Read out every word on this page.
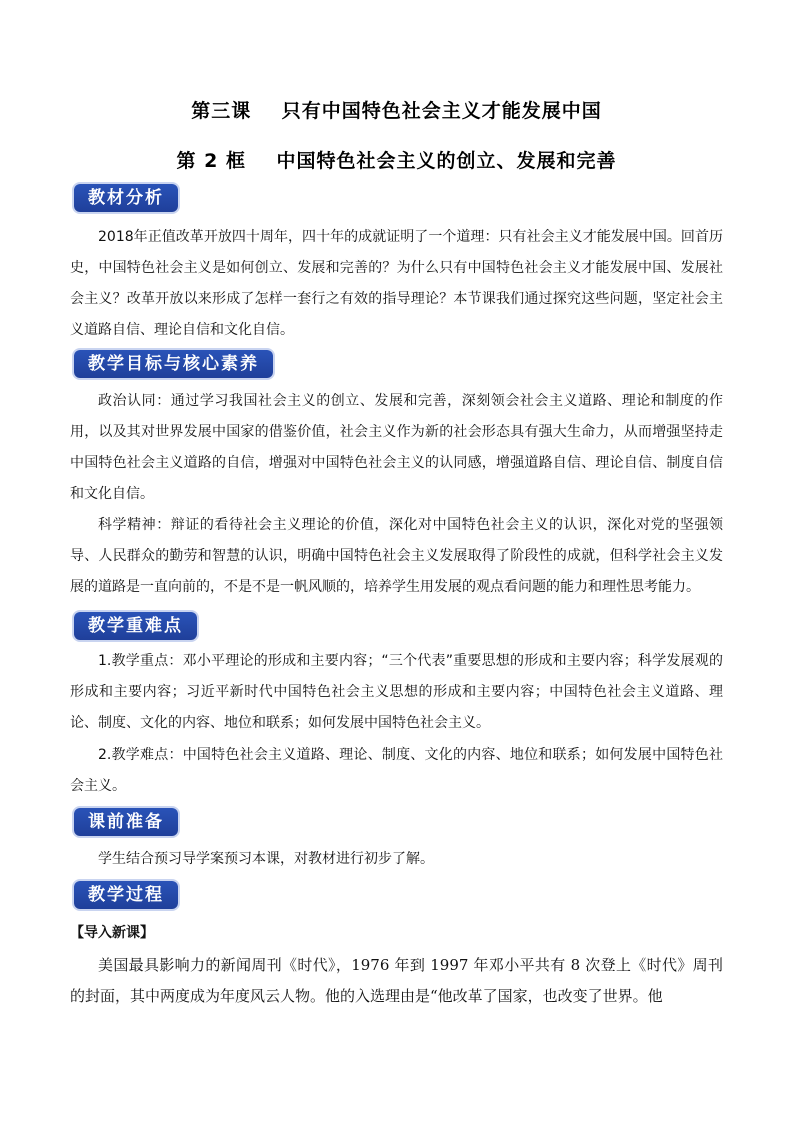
第三课    只有中国特色社会主义才能发展中国
第 2 框    中国特色社会主义的创立、发展和完善
教材分析
2018年正值改革开放四十周年，四十年的成就证明了一个道理：只有社会主义才能发展中国。回首历史，中国特色社会主义是如何创立、发展和完善的？为什么只有中国特色社会主义才能发展中国、发展社会主义？改革开放以来形成了怎样一套行之有效的指导理论？本节课我们通过探究这些问题，坚定社会主义道路自信、理论自信和文化自信。
教学目标与核心素养
政治认同：通过学习我国社会主义的创立、发展和完善，深刻领会社会主义道路、理论和制度的作用，以及其对世界发展中国家的借鉴价值，社会主义作为新的社会形态具有强大生命力，从而增强坚持走中国特色社会主义道路的自信，增强对中国特色社会主义的认同感，增强道路自信、理论自信、制度自信和文化自信。
科学精神：辩证的看待社会主义理论的价值，深化对中国特色社会主义的认识，深化对党的坚强领导、人民群众的勤劳和智慧的认识，明确中国特色社会主义发展取得了阶段性的成就，但科学社会主义发展的道路是一直向前的，不是不是一帆风顺的，培养学生用发展的观点看问题的能力和理性思考能力。
教学重难点
1.教学重点：邓小平理论的形成和主要内容；“三个代表”重要思想的形成和主要内容；科学发展观的形成和主要内容；习近平新时代中国特色社会主义思想的形成和主要内容；中国特色社会主义道路、理论、制度、文化的内容、地位和联系；如何发展中国特色社会主义。
2.教学难点：中国特色社会主义道路、理论、制度、文化的内容、地位和联系；如何发展中国特色社会主义。
课前准备
学生结合预习导学案预习本课，对教材进行初步了解。
教学过程
【导入新课】
美国最具影响力的新闻周刊《时代》，1976 年到 1997 年邓小平共有 8 次登上《时代》周刊的封面，其中两度成为年度风云人物。他的入选理由是“他改革了国家，也改变了世界。他
